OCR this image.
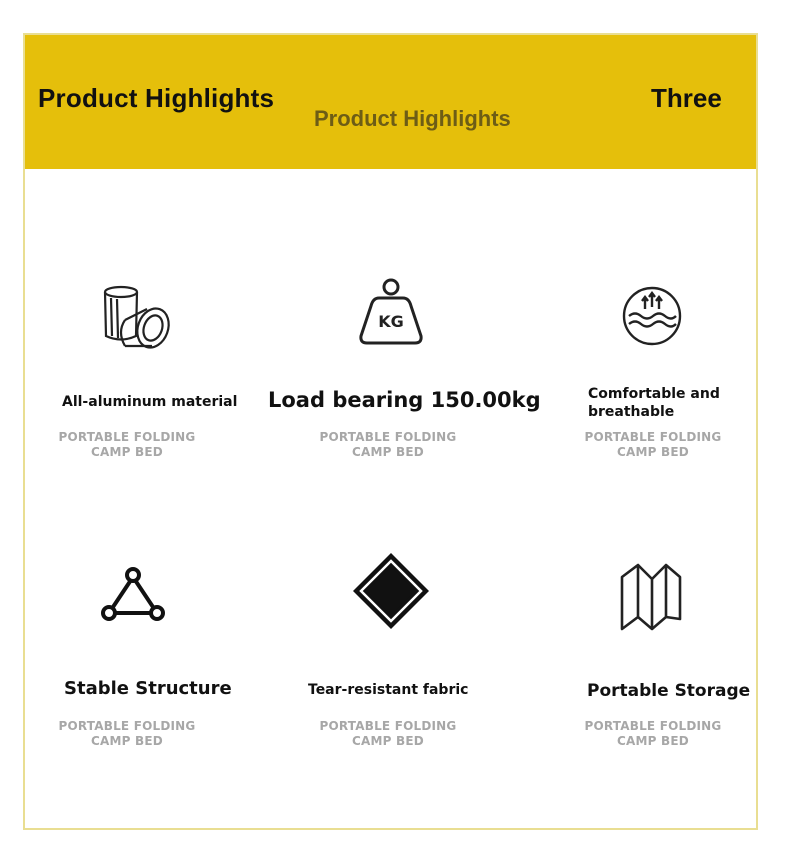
Product Highlights
Product Highlights
Three
All-aluminum material
PORTABLE FOLDING CAMP BED
KG
Load bearing 150.00kg
PORTABLE FOLDING CAMP BED
Comfortable and breathable
PORTABLE FOLDING CAMP BED
Stable Structure
PORTABLE FOLDING CAMP BED
Tear-resistant fabric
PORTABLE FOLDING CAMP BED
Portable Storage
PORTABLE FOLDING CAMP BED
